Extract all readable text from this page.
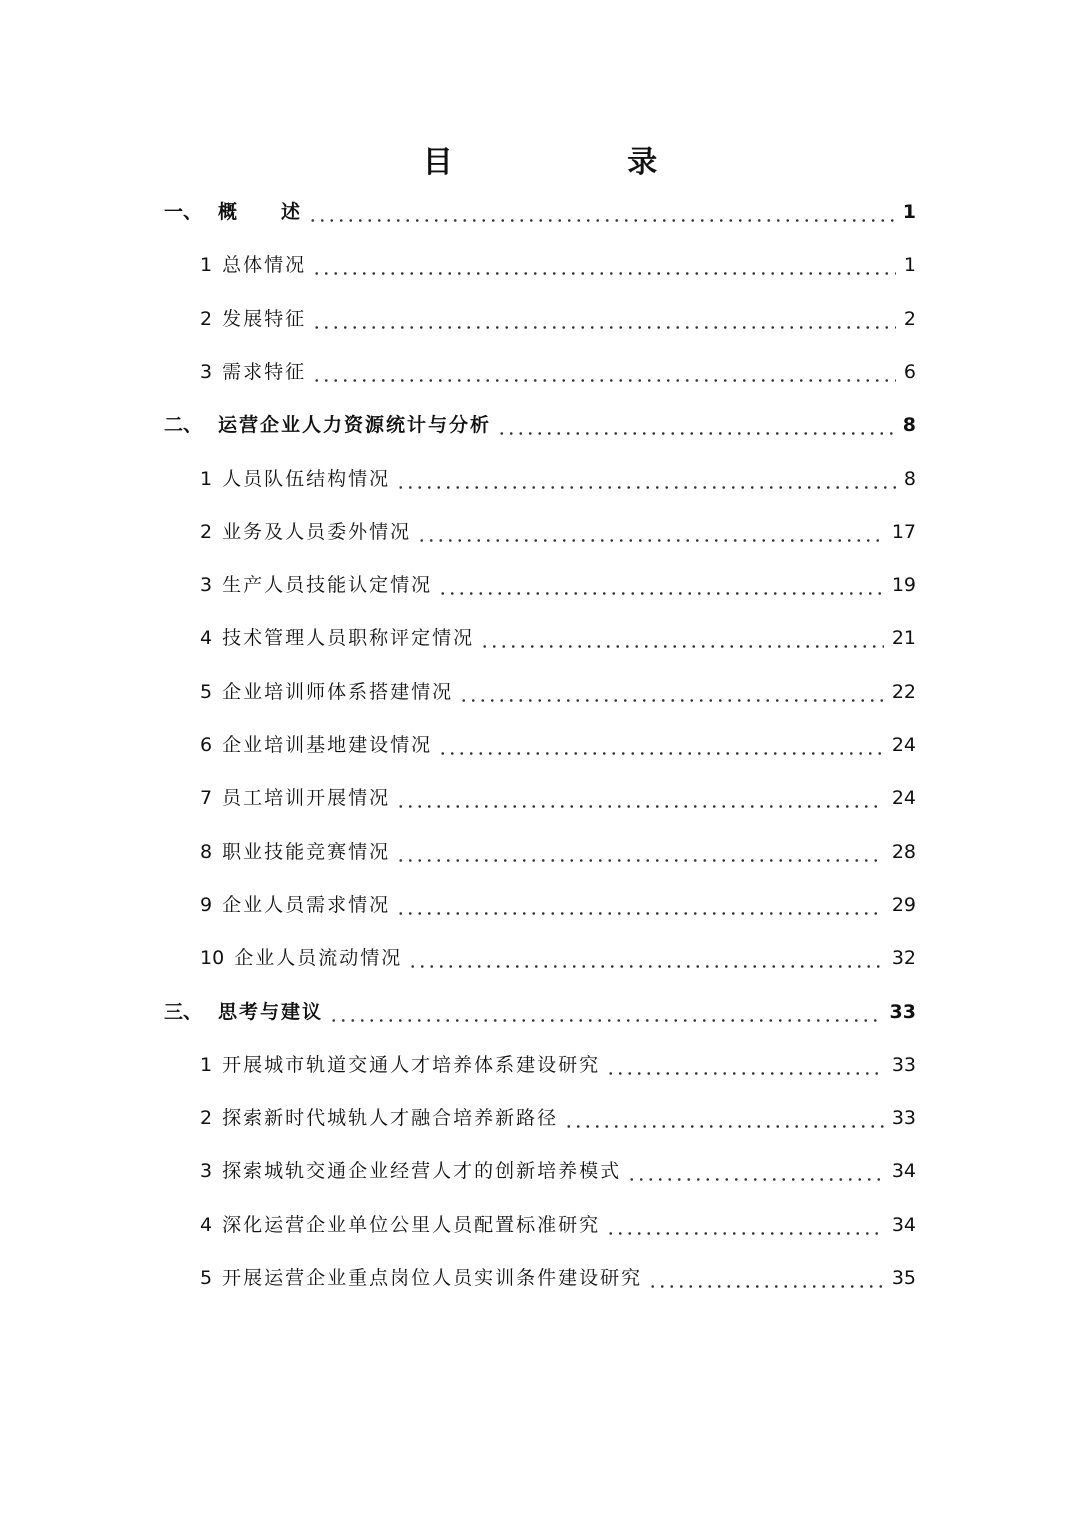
目 录
一、 概　　述	1
1 总体情况	1
2 发展特征	2
3 需求特征	6
二、 运营企业人力资源统计与分析	8
1 人员队伍结构情况	8
2 业务及人员委外情况	17
3 生产人员技能认定情况	19
4 技术管理人员职称评定情况	21
5 企业培训师体系搭建情况	22
6 企业培训基地建设情况	24
7 员工培训开展情况	24
8 职业技能竞赛情况	28
9 企业人员需求情况	29
10 企业人员流动情况	32
三、 思考与建议	33
1 开展城市轨道交通人才培养体系建设研究	33
2 探索新时代城轨人才融合培养新路径	33
3 探索城轨交通企业经营人才的创新培养模式	34
4 深化运营企业单位公里人员配置标准研究	34
5 开展运营企业重点岗位人员实训条件建设研究	35
